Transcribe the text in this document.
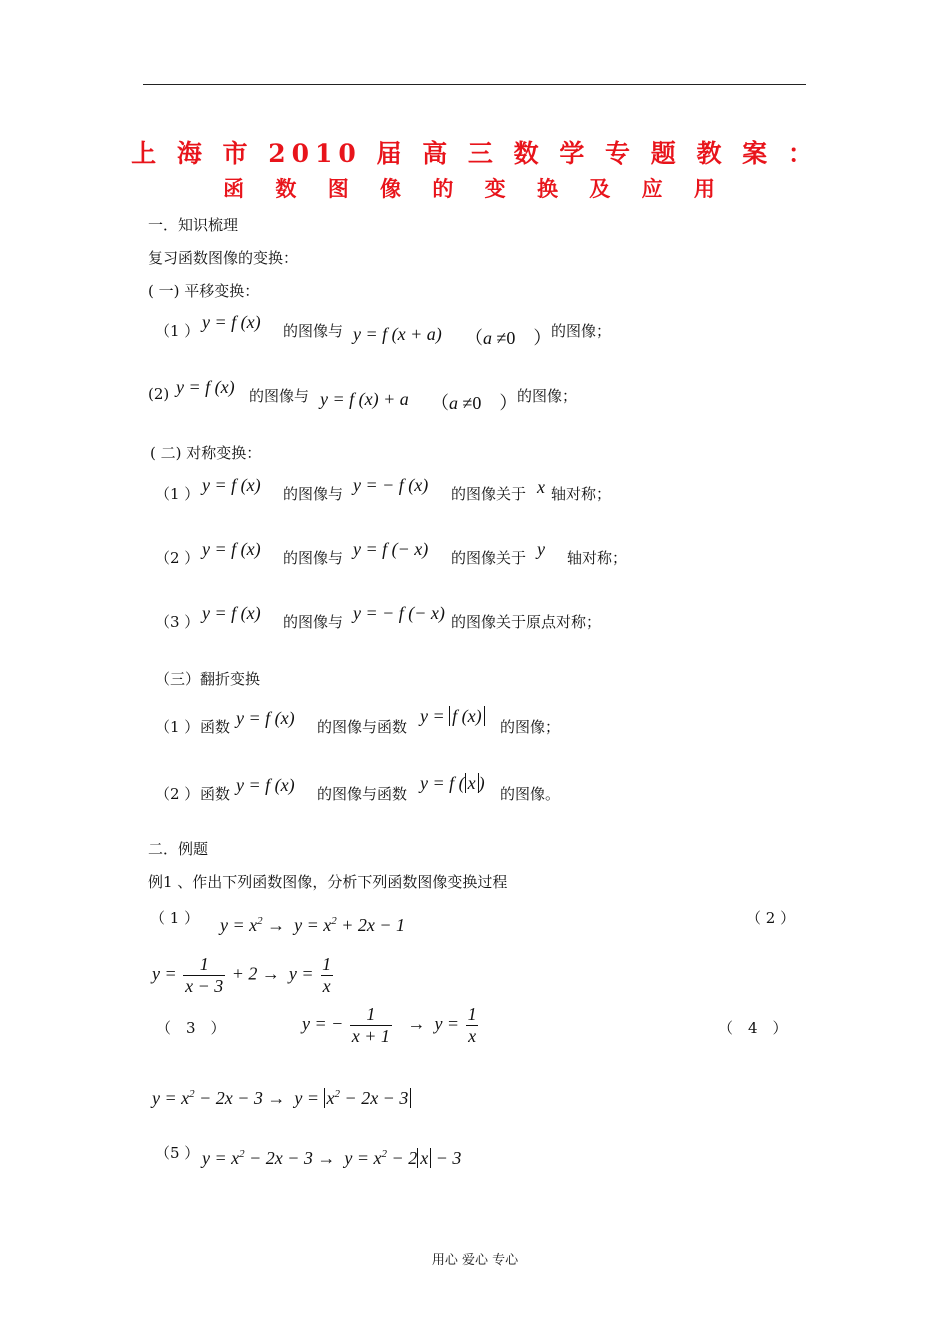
上 海 市 2010 届 高 三 数 学 专 题 教 案 ：
函 数 图 像 的 变 换 及 应 用
一．知识梳理
复习函数图像的变换：
( 一) 平移变换：
（1 ） y = f (x) 的图像与 y = f (x + a) （a ≠0　） 的图像；
(2) y = f (x) 的图像与 y = f (x) + a （a ≠0　） 的图像；
( 二) 对称变换：
（1 ） y = f (x) 的图像与 y = − f (x) 的图像关于 x 轴对称；
（2 ） y = f (x) 的图像与 y = f (− x) 的图像关于 y 轴对称；
（3 ） y = f (x) 的图像与 y = − f (− x) 的图像关于原点对称；
（三）翻折变换
（1 ） 函数 y = f (x) 的图像与函数
y = f (x)
的图像；
（2 ） 函数 y = f (x) 的图像与函数
y = f ( x )
的图像。
二．例题
例1 、作出下列函数图像，分析下列函数图像变换过程
（ 1 ） $y = x^2 \to y = x^2 + 2x - 1$	（ 2 ）
$y = \frac{1}{x - 3} + 2 \to y = \frac{1}{x}$
（　3　）	y = − $\frac{1}{x + 1} \to y = \frac{1}{x}$	（　4　）
$y = x^2 - 2x - 3 \to y = x^2 - 2x - 3$
（5 ） $y = x^2 - 2x - 3 \to y = x^2 - 2$ x − 3
用心 爱心 专心
